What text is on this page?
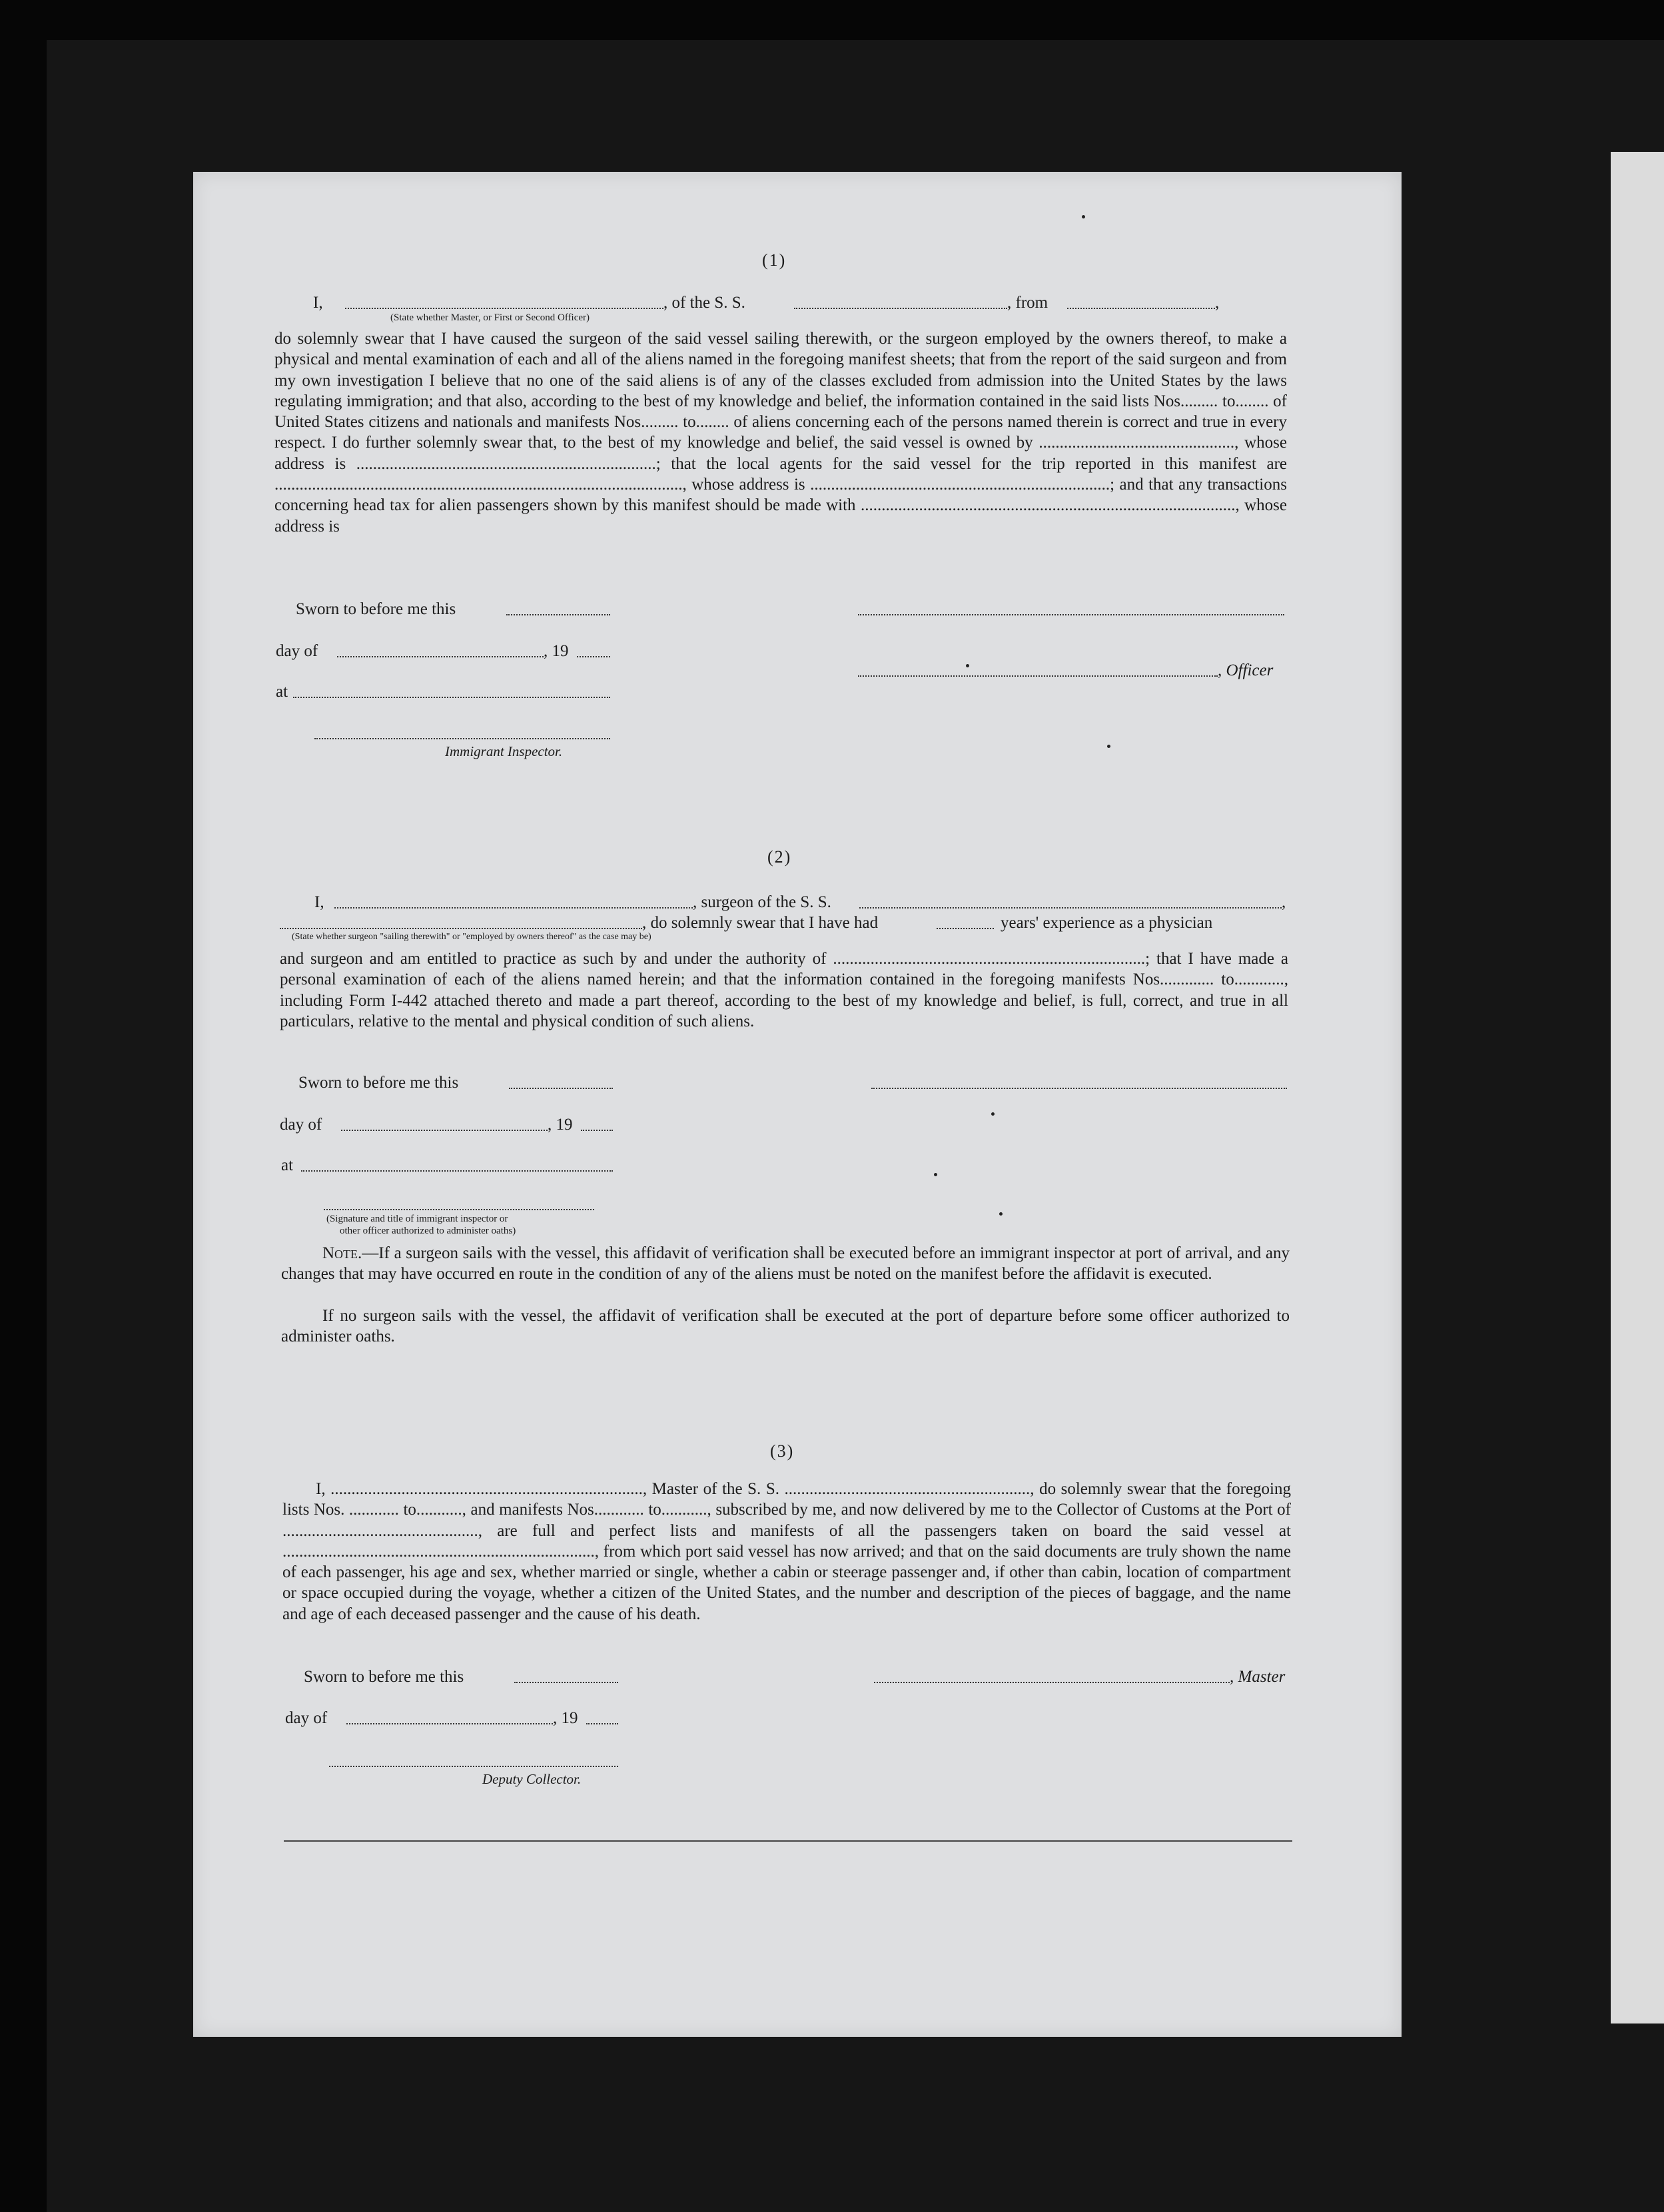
(1)
I,	, of the S. S.	, from	,
(State whether Master, or First or Second Officer)
do solemnly swear that I have caused the surgeon of the said vessel sailing therewith, or the surgeon employed by the owners thereof, to make a physical and mental examination of each and all of the aliens named in the foregoing manifest sheets; that from the report of the said surgeon and from my own investigation I believe that no one of the said aliens is of any of the classes excluded from admission into the United States by the laws regulating immigration; and that also, according to the best of my knowledge and belief, the information contained in the said lists Nos......... to........ of United States citizens and nationals and manifests Nos......... to........ of aliens concerning each of the persons named therein is correct and true in every respect. I do further solemnly swear that, to the best of my knowledge and belief, the said vessel is owned by ..............................................., whose address is ........................................................................; that the local agents for the said vessel for the trip reported in this manifest are .................................................................................................., whose address is ........................................................................; and that any transactions concerning head tax for alien passengers shown by this manifest should be made with .........................................................................................., whose address is
Sworn to before me this
day of	, 19
, Officer
at
Immigrant Inspector.
(2)
I,	, surgeon of the S. S.	,
, do solemnly swear that I have had	years' experience as a physician
(State whether surgeon "sailing therewith" or "employed by owners thereof" as the case may be)
and surgeon and am entitled to practice as such by and under the authority of ...........................................................................; that I have made a personal examination of each of the aliens named herein; and that the information contained in the foregoing manifests Nos............. to............, including Form I-442 attached thereto and made a part thereof, according to the best of my knowledge and belief, is full, correct, and true in all particulars, relative to the mental and physical condition of such aliens.
Sworn to before me this
day of	, 19
at
(Signature and title of immigrant inspector or
other officer authorized to administer oaths)
Note.—If a surgeon sails with the vessel, this affidavit of verification shall be executed before an immigrant inspector at port of arrival, and any changes that may have occurred en route in the condition of any of the aliens must be noted on the manifest before the affidavit is executed.
If no surgeon sails with the vessel, the affidavit of verification shall be executed at the port of departure before some officer authorized to administer oaths.
(3)
I, ..........................................................................., Master of the S. S. ..........................................................., do solemnly swear that the foregoing lists Nos. ............ to..........., and manifests Nos............ to..........., subscribed by me, and now delivered by me to the Collector of Customs at the Port of ..............................................., are full and perfect lists and manifests of all the passengers taken on board the said vessel at ..........................................................................., from which port said vessel has now arrived; and that on the said documents are truly shown the name of each passenger, his age and sex, whether married or single, whether a cabin or steerage passenger and, if other than cabin, location of compartment or space occupied during the voyage, whether a citizen of the United States, and the number and description of the pieces of baggage, and the name and age of each deceased passenger and the cause of his death.
Sworn to before me this	, Master
day of	, 19
Deputy Collector.
